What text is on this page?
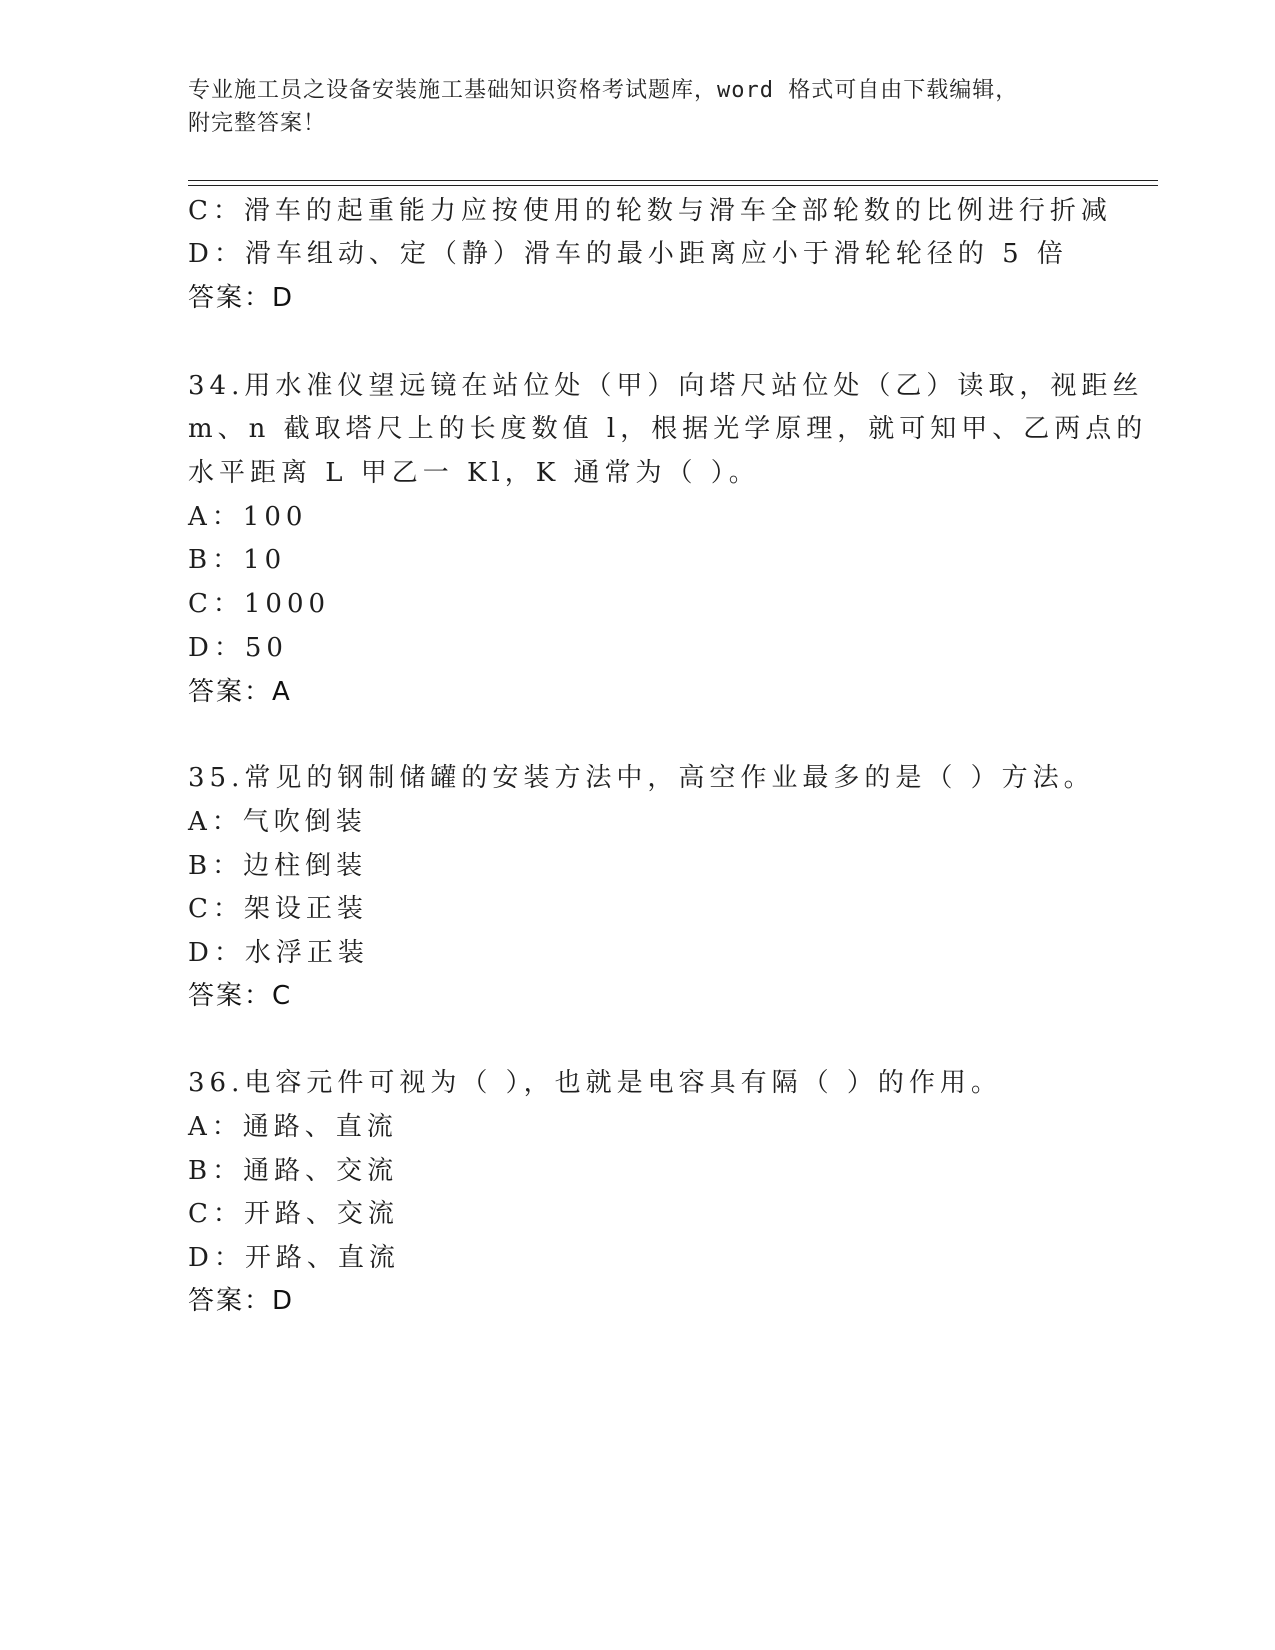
专业施工员之设备安装施工基础知识资格考试题库，word 格式可自由下载编辑，
附完整答案！
C：滑车的起重能力应按使用的轮数与滑车全部轮数的比例进行折减
D：滑车组动、定（静）滑车的最小距离应小于滑轮轮径的 5 倍
答案：D
34.用水准仪望远镜在站位处（甲）向塔尺站位处（乙）读取，视距丝
m、n 截取塔尺上的长度数值 l，根据光学原理，就可知甲、乙两点的
水平距离 L 甲乙一 Kl，K 通常为（ ）。
A：100
B：10
C：1000
D：50
答案：A
35.常见的钢制储罐的安装方法中，高空作业最多的是（ ）方法。
A：气吹倒装
B：边柱倒装
C：架设正装
D：水浮正装
答案：C
36.电容元件可视为（ ），也就是电容具有隔（ ）的作用。
A：通路、直流
B：通路、交流
C：开路、交流
D：开路、直流
答案：D
